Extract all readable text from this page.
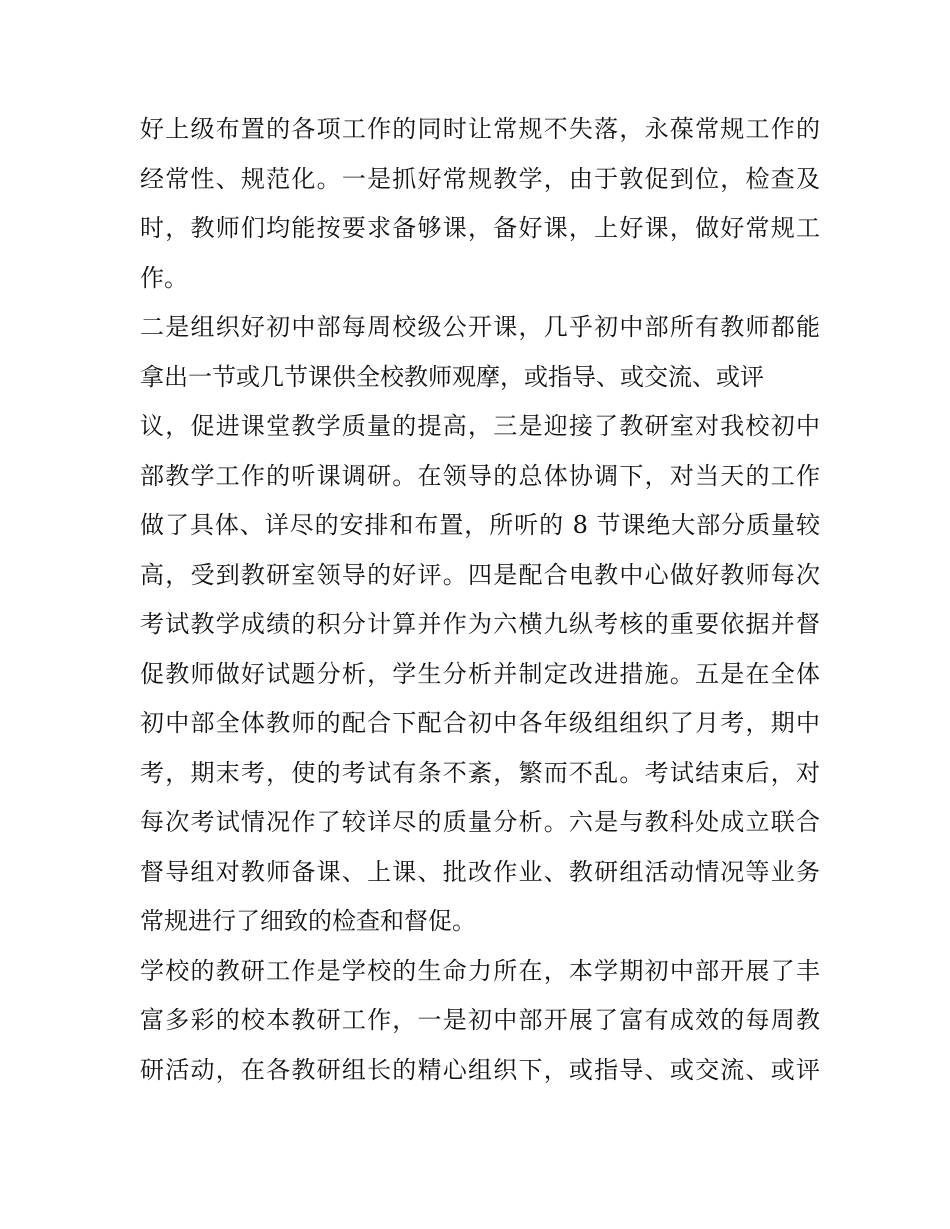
好上级布置的各项工作的同时让常规不失落，永葆常规工作的
经常性、规范化。一是抓好常规教学，由于敦促到位，检查及
时，教师们均能按要求备够课，备好课，上好课，做好常规工
作。
二是组织好初中部每周校级公开课，几乎初中部所有教师都能
拿出一节或几节课供全校教师观摩，或指导、或交流、或评
议，促进课堂教学质量的提高，三是迎接了教研室对我校初中
部教学工作的听课调研。在领导的总体协调下，对当天的工作
做了具体、详尽的安排和布置，所听的 8 节课绝大部分质量较
高，受到教研室领导的好评。四是配合电教中心做好教师每次
考试教学成绩的积分计算并作为六横九纵考核的重要依据并督
促教师做好试题分析，学生分析并制定改进措施。五是在全体
初中部全体教师的配合下配合初中各年级组组织了月考，期中
考，期末考，使的考试有条不紊，繁而不乱。考试结束后，对
每次考试情况作了较详尽的质量分析。六是与教科处成立联合
督导组对教师备课、上课、批改作业、教研组活动情况等业务
常规进行了细致的检查和督促。
学校的教研工作是学校的生命力所在，本学期初中部开展了丰
富多彩的校本教研工作，一是初中部开展了富有成效的每周教
研活动，在各教研组长的精心组织下，或指导、或交流、或评
